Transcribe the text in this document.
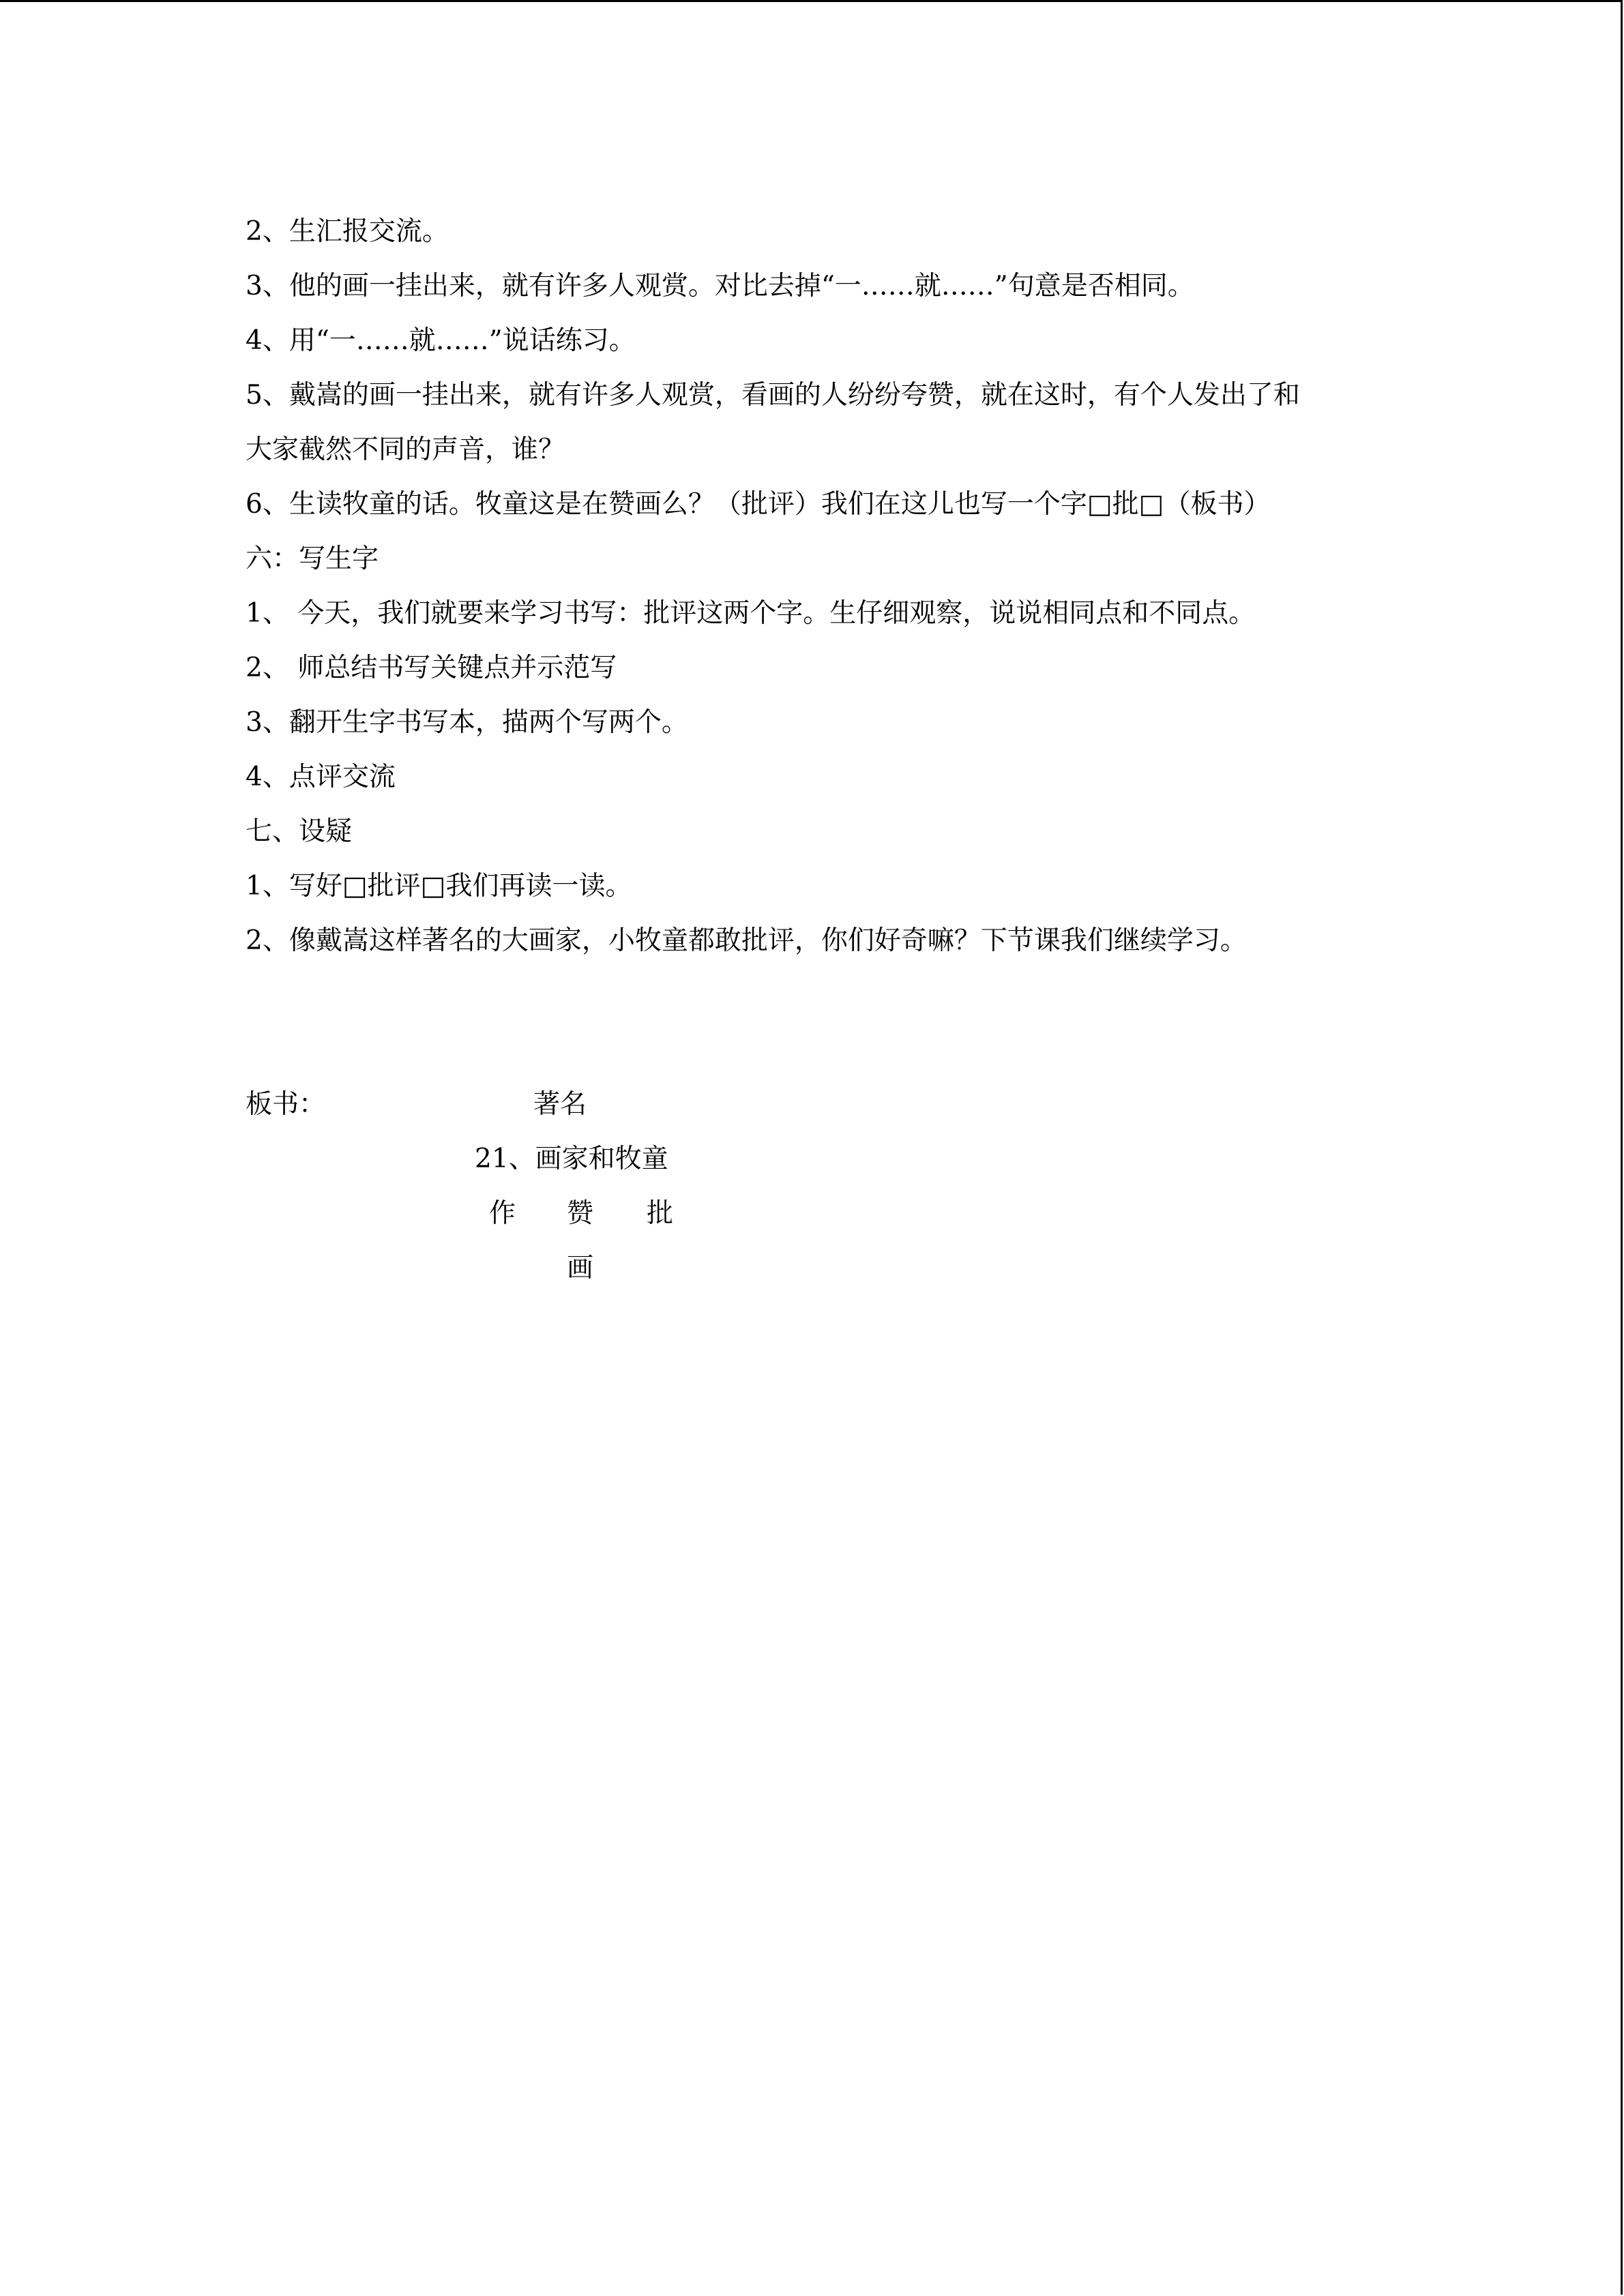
2、生汇报交流。
3、他的画一挂出来，就有许多人观赏。对比去掉“一……就……”句意是否相同。
4、用“一……就……”说话练习。
5、戴嵩的画一挂出来，就有许多人观赏，看画的人纷纷夸赞，就在这时，有个人发出了和
大家截然不同的声音，谁？
6、生读牧童的话。牧童这是在赞画么？（批评）我们在这儿也写一个字□批□（板书）
六：写生字
1、 今天，我们就要来学习书写：批评这两个字。生仔细观察，说说相同点和不同点。
2、 师总结书写关键点并示范写
3、翻开生字书写本，描两个写两个。
4、点评交流
七、设疑
1、写好□批评□我们再读一读。
2、像戴嵩这样著名的大画家，小牧童都敢批评，你们好奇嘛？下节课我们继续学习。
板书：	著名
21、画家和牧童
作 赞 批
画
